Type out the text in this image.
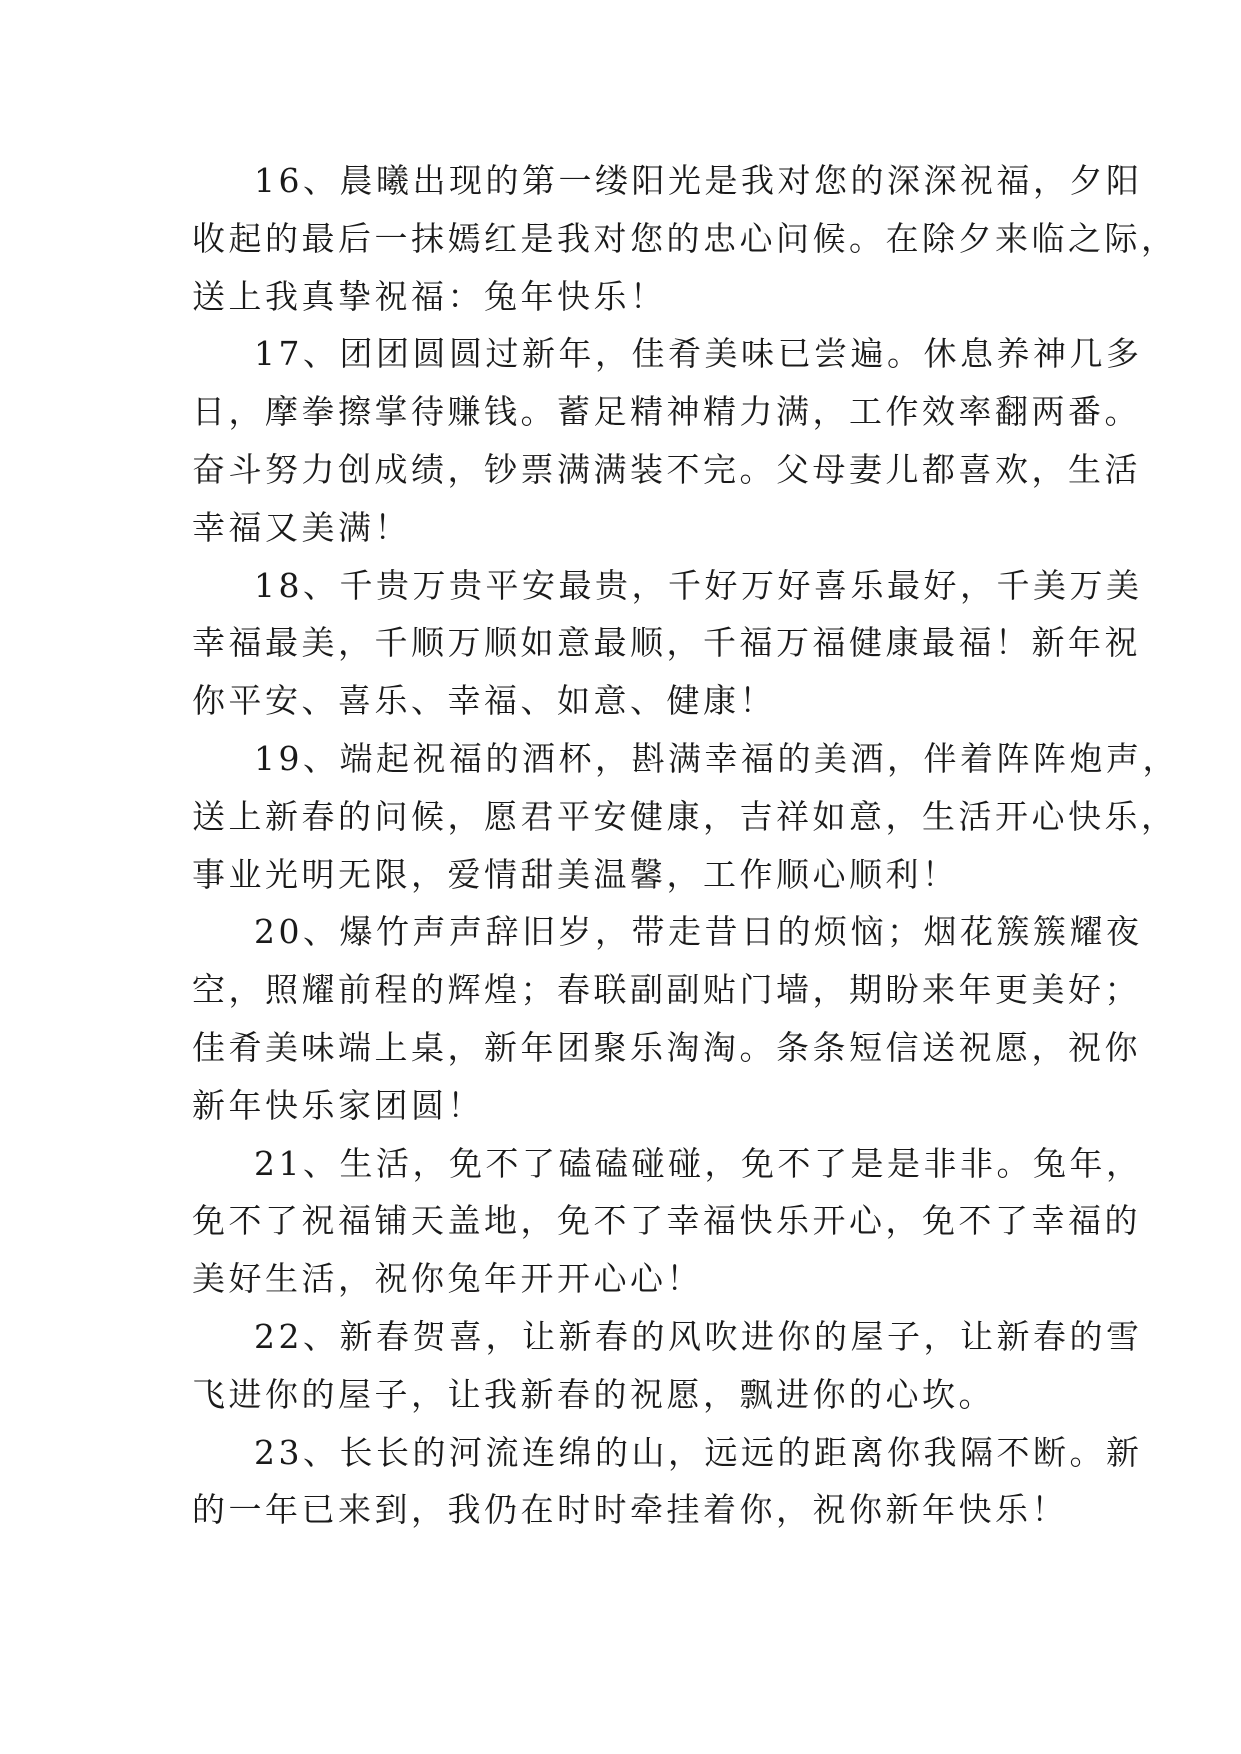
16、晨曦出现的第一缕阳光是我对您的深深祝福，夕阳
收起的最后一抹嫣红是我对您的忠心问候。在除夕来临之际，
送上我真挚祝福：兔年快乐！
17、团团圆圆过新年，佳肴美味已尝遍。休息养神几多
日，摩拳擦掌待赚钱。蓄足精神精力满，工作效率翻两番。
奋斗努力创成绩，钞票满满装不完。父母妻儿都喜欢，生活
幸福又美满！
18、千贵万贵平安最贵，千好万好喜乐最好，千美万美
幸福最美，千顺万顺如意最顺，千福万福健康最福！新年祝
你平安、喜乐、幸福、如意、健康！
19、端起祝福的酒杯，斟满幸福的美酒，伴着阵阵炮声，
送上新春的问候，愿君平安健康，吉祥如意，生活开心快乐，
事业光明无限，爱情甜美温馨，工作顺心顺利！
20、爆竹声声辞旧岁，带走昔日的烦恼；烟花簇簇耀夜
空，照耀前程的辉煌；春联副副贴门墙，期盼来年更美好；
佳肴美味端上桌，新年团聚乐淘淘。条条短信送祝愿，祝你
新年快乐家团圆！
21、生活，免不了磕磕碰碰，免不了是是非非。兔年，
免不了祝福铺天盖地，免不了幸福快乐开心，免不了幸福的
美好生活，祝你兔年开开心心！
22、新春贺喜，让新春的风吹进你的屋子，让新春的雪
飞进你的屋子，让我新春的祝愿，飘进你的心坎。
23、长长的河流连绵的山，远远的距离你我隔不断。新
的一年已来到，我仍在时时牵挂着你，祝你新年快乐！
